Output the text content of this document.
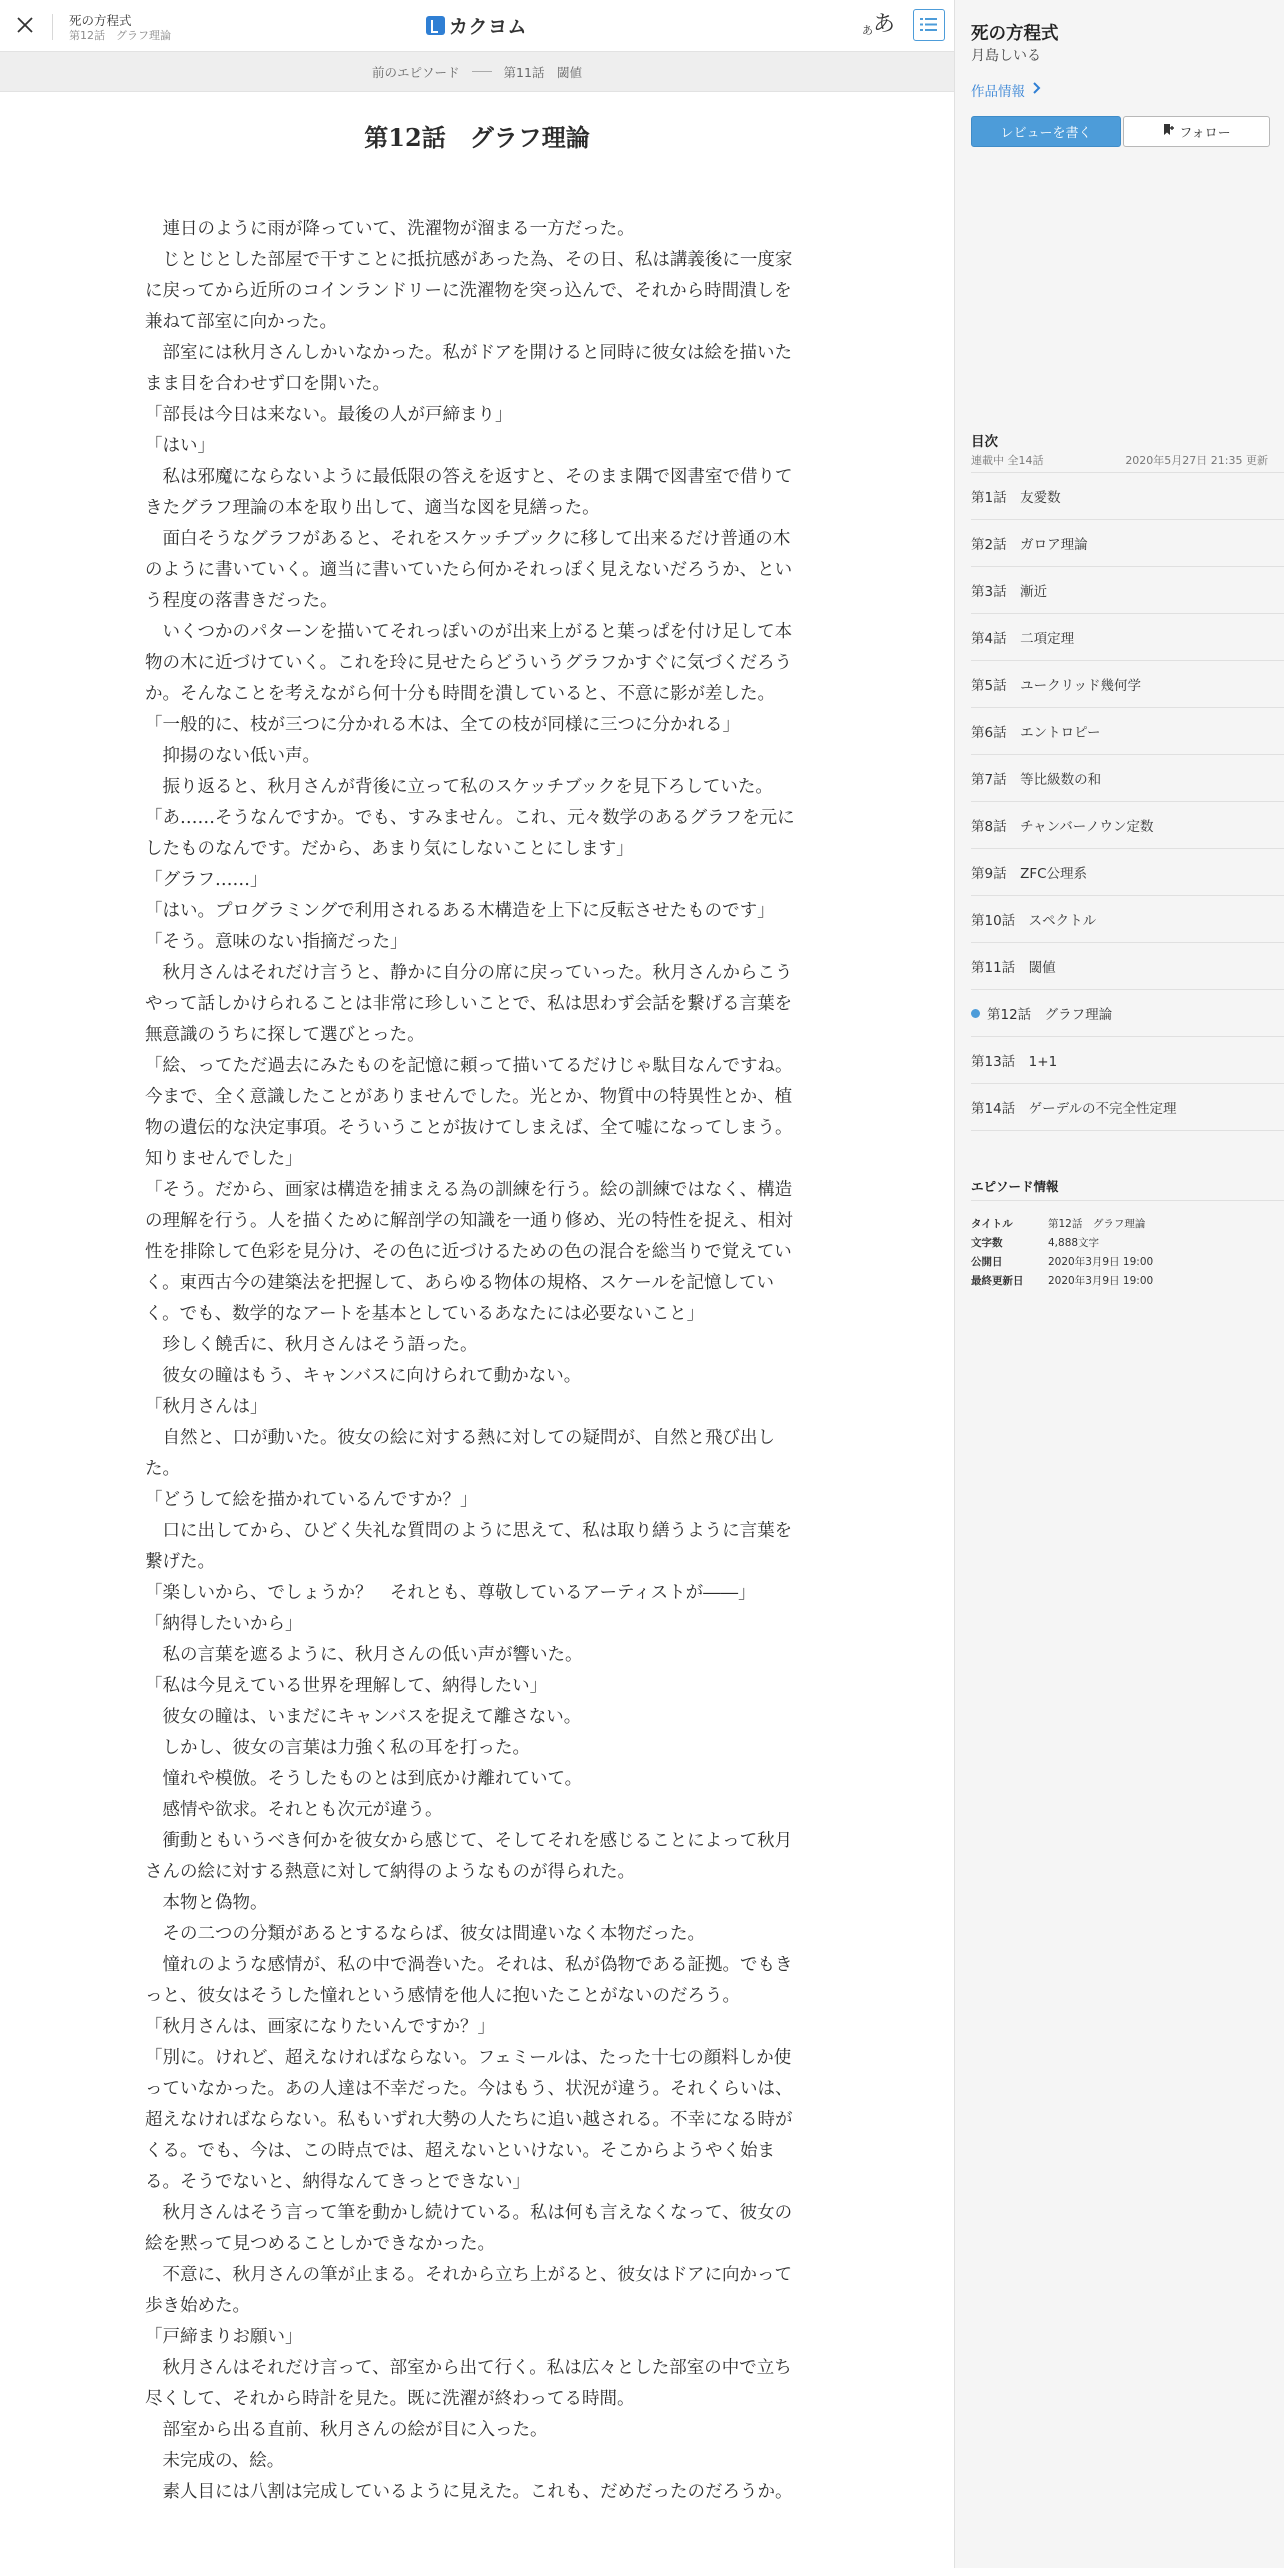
死の方程式
第12話　グラフ理論	カクヨム	あ あ
前のエピソード	第11話　閾値
第12話　グラフ理論

　連日のように雨が降っていて、洗濯物が溜まる一方だった。

　じとじとした部屋で干すことに抵抗感があった為、その日、私は講義後に一度家に戻ってから近所のコインランドリーに洗濯物を突っ込んで、それから時間潰しを兼ねて部室に向かった。

　部室には秋月さんしかいなかった。私がドアを開けると同時に彼女は絵を描いたまま目を合わせず口を開いた。

「部長は今日は来ない。最後の人が戸締まり」

「はい」

　私は邪魔にならないように最低限の答えを返すと、そのまま隅で図書室で借りてきたグラフ理論の本を取り出して、適当な図を見繕った。

　面白そうなグラフがあると、それをスケッチブックに移して出来るだけ普通の木のように書いていく。適当に書いていたら何かそれっぽく見えないだろうか、という程度の落書きだった。

　いくつかのパターンを描いてそれっぽいのが出来上がると葉っぱを付け足して本物の木に近づけていく。これを玲に見せたらどういうグラフかすぐに気づくだろうか。そんなことを考えながら何十分も時間を潰していると、不意に影が差した。

「一般的に、枝が三つに分かれる木は、全ての枝が同様に三つに分かれる」

　抑揚のない低い声。

　振り返ると、秋月さんが背後に立って私のスケッチブックを見下ろしていた。

「あ……そうなんですか。でも、すみません。これ、元々数学のあるグラフを元にしたものなんです。だから、あまり気にしないことにします」

「グラフ……」

「はい。プログラミングで利用されるある木構造を上下に反転させたものです」

「そう。意味のない指摘だった」

　秋月さんはそれだけ言うと、静かに自分の席に戻っていった。秋月さんからこうやって話しかけられることは非常に珍しいことで、私は思わず会話を繋げる言葉を無意識のうちに探して選びとった。

「絵、ってただ過去にみたものを記憶に頼って描いてるだけじゃ駄目なんですね。今まで、全く意識したことがありませんでした。光とか、物質中の特異性とか、植物の遺伝的な決定事項。そういうことが抜けてしまえば、全て嘘になってしまう。知りませんでした」

「そう。だから、画家は構造を捕まえる為の訓練を行う。絵の訓練ではなく、構造の理解を行う。人を描くために解剖学の知識を一通り修め、光の特性を捉え、相対性を排除して色彩を見分け、その色に近づけるための色の混合を総当りで覚えていく。東西古今の建築法を把握して、あらゆる物体の規格、スケールを記憶していく。でも、数学的なアートを基本としているあなたには必要ないこと」

　珍しく饒舌に、秋月さんはそう語った。

　彼女の瞳はもう、キャンバスに向けられて動かない。

「秋月さんは」

　自然と、口が動いた。彼女の絵に対する熱に対しての疑問が、自然と飛び出した。

「どうして絵を描かれているんですか？」

　口に出してから、ひどく失礼な質問のように思えて、私は取り繕うように言葉を繋げた。

「楽しいから、でしょうか？　それとも、尊敬しているアーティストが――」

「納得したいから」

　私の言葉を遮るように、秋月さんの低い声が響いた。

「私は今見えている世界を理解して、納得したい」

　彼女の瞳は、いまだにキャンバスを捉えて離さない。

　しかし、彼女の言葉は力強く私の耳を打った。

　憧れや模倣。そうしたものとは到底かけ離れていて。

　感情や欲求。それとも次元が違う。

　衝動ともいうべき何かを彼女から感じて、そしてそれを感じることによって秋月さんの絵に対する熱意に対して納得のようなものが得られた。

　本物と偽物。

　その二つの分類があるとするならば、彼女は間違いなく本物だった。

　憧れのような感情が、私の中で渦巻いた。それは、私が偽物である証拠。でもきっと、彼女はそうした憧れという感情を他人に抱いたことがないのだろう。

「秋月さんは、画家になりたいんですか？」

「別に。けれど、超えなければならない。フェミールは、たった十七の顔料しか使っていなかった。あの人達は不幸だった。今はもう、状況が違う。それくらいは、超えなければならない。私もいずれ大勢の人たちに追い越される。不幸になる時がくる。でも、今は、この時点では、超えないといけない。そこからようやく始まる。そうでないと、納得なんてきっとできない」

　秋月さんはそう言って筆を動かし続けている。私は何も言えなくなって、彼女の絵を黙って見つめることしかできなかった。

　不意に、秋月さんの筆が止まる。それから立ち上がると、彼女はドアに向かって歩き始めた。

「戸締まりお願い」

　秋月さんはそれだけ言って、部室から出て行く。私は広々とした部室の中で立ち尽くして、それから時計を見た。既に洗濯が終わってる時間。

　部室から出る直前、秋月さんの絵が目に入った。

　未完成の、絵。

　素人目には八割は完成しているように見えた。これも、だめだったのだろうか。

死の方程式
月島しいる
作品情報
レビューを書く	フォロー
目次
連載中 全14話	2020年5月27日 21:35 更新
第1話　友愛数
第2話　ガロア理論
第3話　漸近
第4話　二項定理
第5話　ユークリッド幾何学
第6話　エントロピー
第7話　等比級数の和
第8話　チャンバーノウン定数
第9話　ZFC公理系
第10話　スペクトル
第11話　閾値
第12話　グラフ理論
第13話　1+1
第14話　ゲーデルの不完全性定理
エピソード情報
タイトル	第12話　グラフ理論
文字数	4,888文字
公開日	2020年3月9日 19:00
最終更新日	2020年3月9日 19:00
